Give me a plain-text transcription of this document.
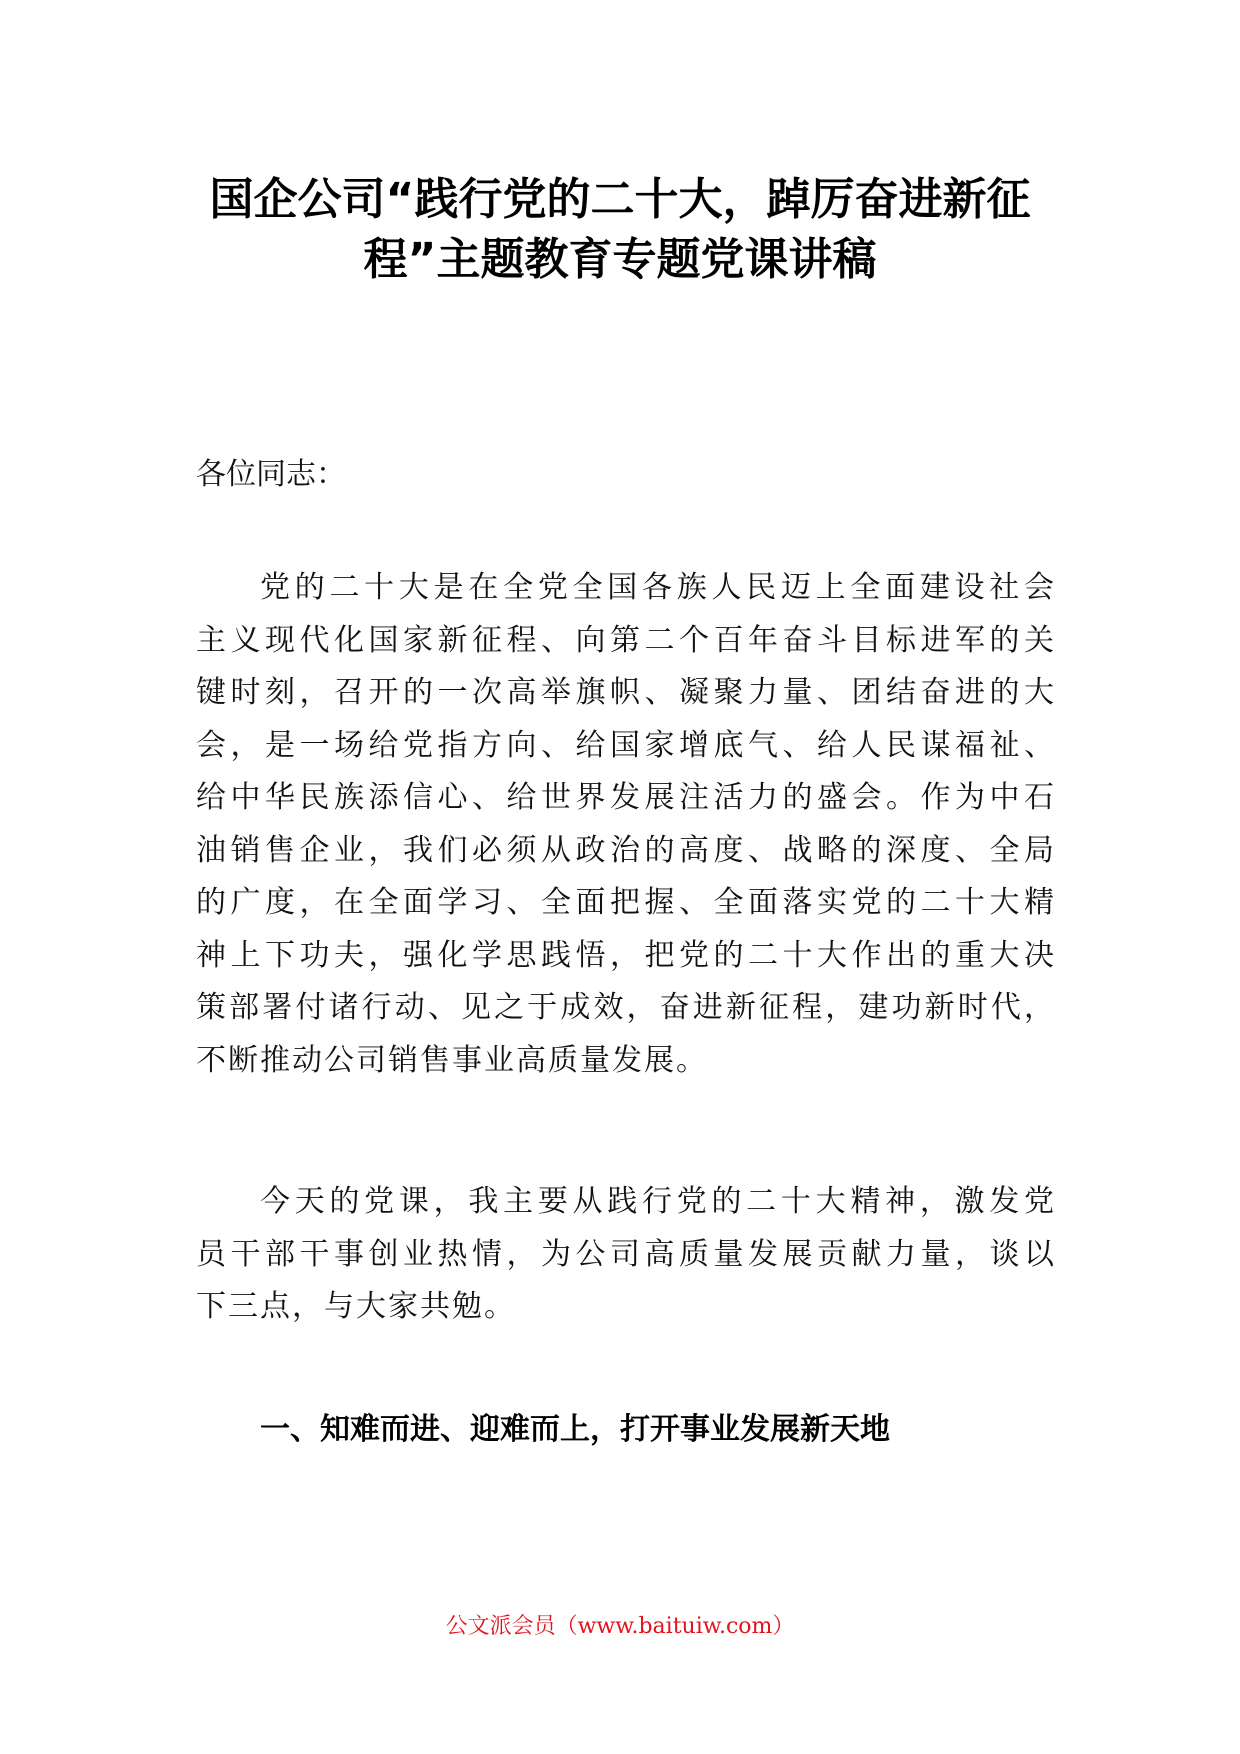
国企公司“践行党的二十大，踔厉奋进新征
程”主题教育专题党课讲稿

各位同志：

党的二十大是在全党全国各族人民迈上全面建设社会
主义现代化国家新征程、向第二个百年奋斗目标进军的关
键时刻，召开的一次高举旗帜、凝聚力量、团结奋进的大
会，是一场给党指方向、给国家增底气、给人民谋福祉、
给中华民族添信心、给世界发展注活力的盛会。作为中石
油销售企业，我们必须从政治的高度、战略的深度、全局
的广度，在全面学习、全面把握、全面落实党的二十大精
神上下功夫，强化学思践悟，把党的二十大作出的重大决
策部署付诸行动、见之于成效，奋进新征程，建功新时代，
不断推动公司销售事业高质量发展。
今天的党课，我主要从践行党的二十大精神，激发党
员干部干事创业热情，为公司高质量发展贡献力量，谈以
下三点，与大家共勉。
一、知难而进、迎难而上，打开事业发展新天地
公文派会员（www.baituiw.com）
